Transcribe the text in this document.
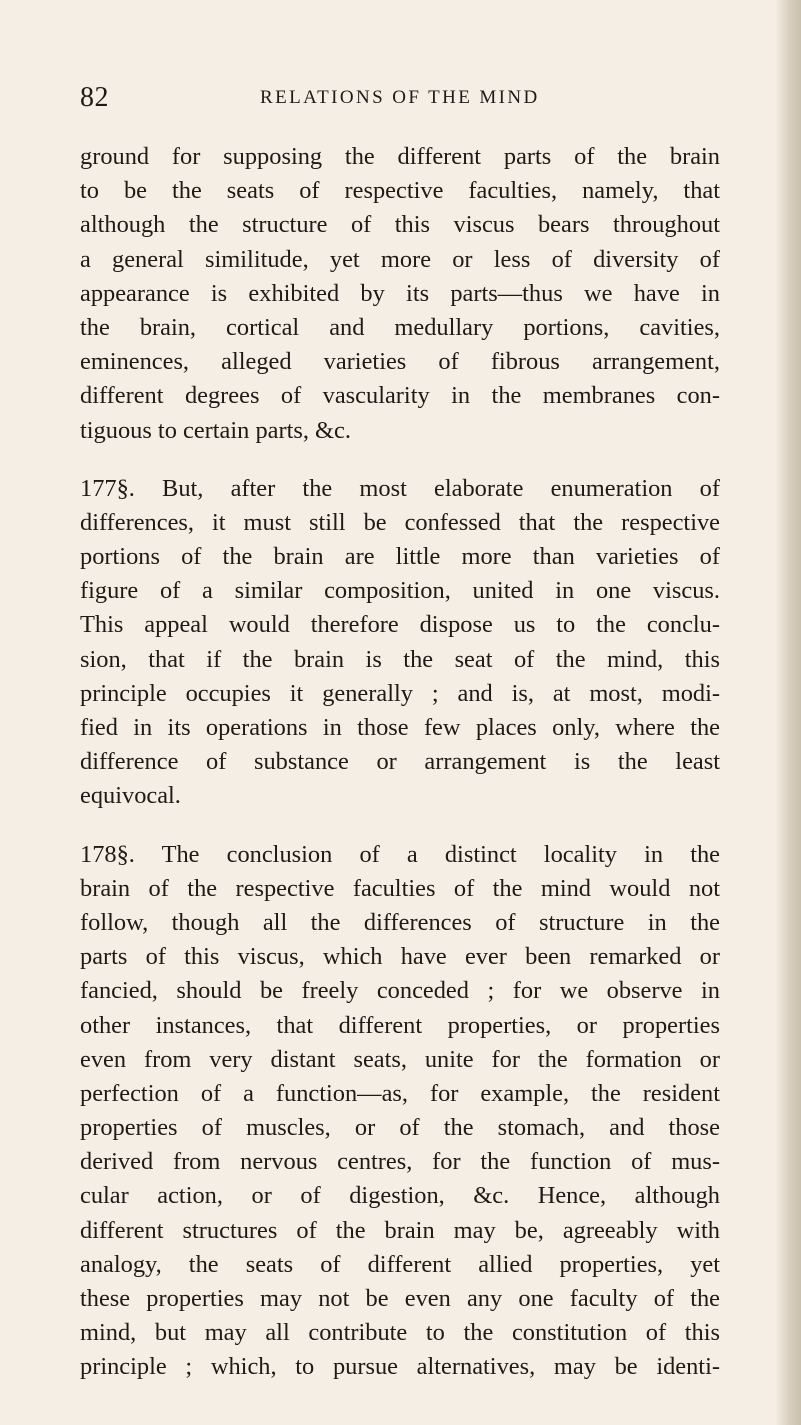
82	RELATIONS OF THE MIND

ground for supposing the different parts of the brain
to be the seats of respective faculties, namely, that
although the structure of this viscus bears throughout
a general similitude, yet more or less of diversity of
appearance is exhibited by its parts—thus we have in
the brain, cortical and medullary portions, cavities,
eminences, alleged varieties of fibrous arrangement,
different degrees of vascularity in the membranes con-
tiguous to certain parts, &c.

177§. But, after the most elaborate enumeration of
differences, it must still be confessed that the respective
portions of the brain are little more than varieties of
figure of a similar composition, united in one viscus.
This appeal would therefore dispose us to the conclu-
sion, that if the brain is the seat of the mind, this
principle occupies it generally ; and is, at most, modi-
fied in its operations in those few places only, where the
difference of substance or arrangement is the least
equivocal.

178§. The conclusion of a distinct locality in the
brain of the respective faculties of the mind would not
follow, though all the differences of structure in the
parts of this viscus, which have ever been remarked or
fancied, should be freely conceded ; for we observe in
other instances, that different properties, or properties
even from very distant seats, unite for the formation or
perfection of a function—as, for example, the resident
properties of muscles, or of the stomach, and those
derived from nervous centres, for the function of mus-
cular action, or of digestion, &c. Hence, although
different structures of the brain may be, agreeably with
analogy, the seats of different allied properties, yet
these properties may not be even any one faculty of the
mind, but may all contribute to the constitution of this
principle ; which, to pursue alternatives, may be identi-
